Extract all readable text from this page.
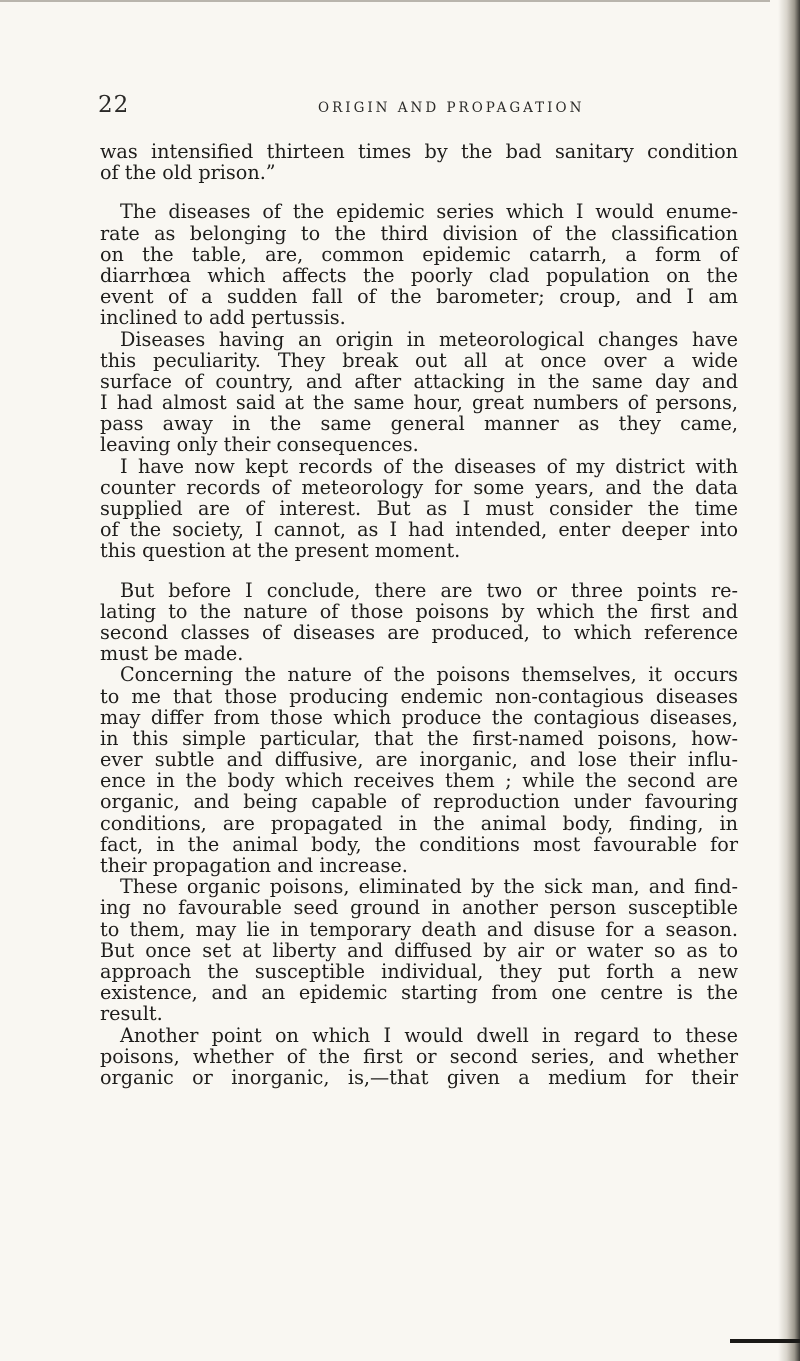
22	ORIGIN AND PROPAGATION
was intensified thirteen times by the bad sanitary condition
of the old prison.”
The diseases of the epidemic series which I would enume-
rate as belonging to the third division of the classification
on the table, are, common epidemic catarrh, a form of
diarrhœa which affects the poorly clad population on the
event of a sudden fall of the barometer; croup, and I am
inclined to add pertussis.
Diseases having an origin in meteorological changes have
this peculiarity. They break out all at once over a wide
surface of country, and after attacking in the same day and
I had almost said at the same hour, great numbers of persons,
pass away in the same general manner as they came,
leaving only their consequences.
I have now kept records of the diseases of my district with
counter records of meteorology for some years, and the data
supplied are of interest. But as I must consider the time
of the society, I cannot, as I had intended, enter deeper into
this question at the present moment.
But before I conclude, there are two or three points re-
lating to the nature of those poisons by which the first and
second classes of diseases are produced, to which reference
must be made.
Concerning the nature of the poisons themselves, it occurs
to me that those producing endemic non-contagious diseases
may differ from those which produce the contagious diseases,
in this simple particular, that the first-named poisons, how-
ever subtle and diffusive, are inorganic, and lose their influ-
ence in the body which receives them ; while the second are
organic, and being capable of reproduction under favouring
conditions, are propagated in the animal body, finding, in
fact, in the animal body, the conditions most favourable for
their propagation and increase.
These organic poisons, eliminated by the sick man, and find-
ing no favourable seed ground in another person susceptible
to them, may lie in temporary death and disuse for a season.
But once set at liberty and diffused by air or water so as to
approach the susceptible individual, they put forth a new
existence, and an epidemic starting from one centre is the
result.
Another point on which I would dwell in regard to these
poisons, whether of the first or second series, and whether
organic or inorganic, is,—that given a medium for their
